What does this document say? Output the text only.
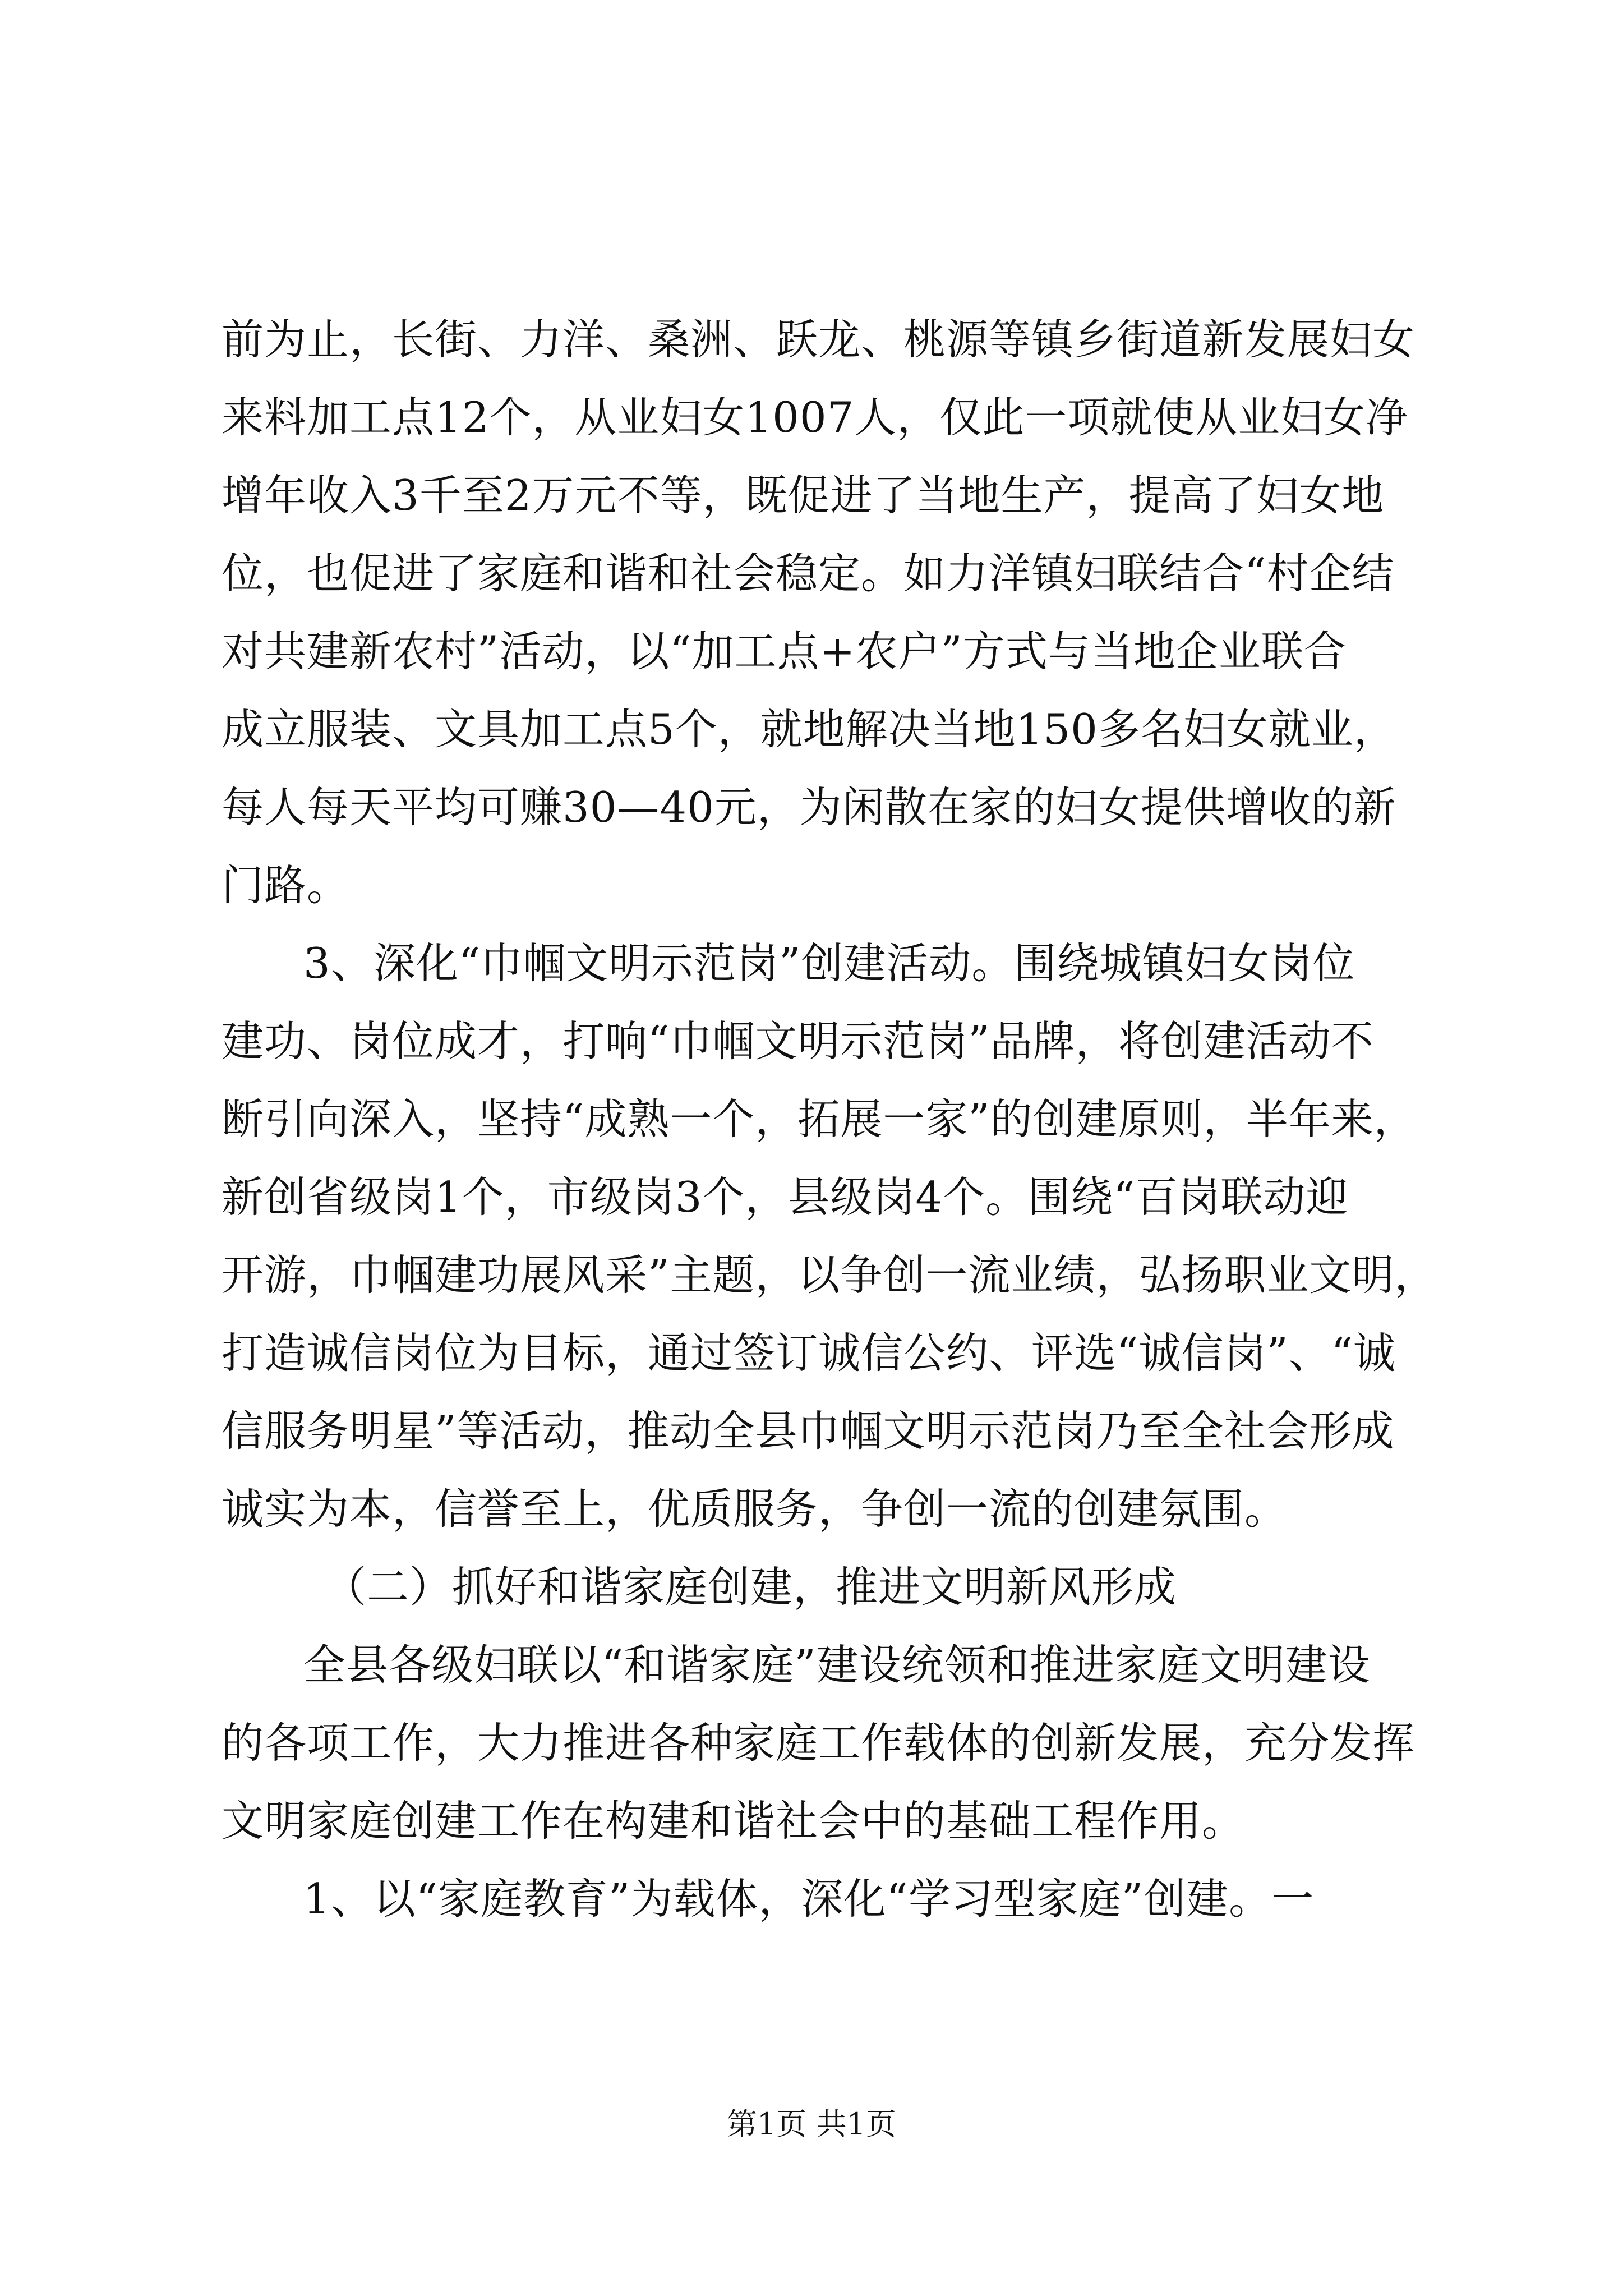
前为止，长街、力洋、桑洲、跃龙、桃源等镇乡街道新发展妇女
来料加工点12个，从业妇女1007人，仅此一项就使从业妇女净
增年收入3千至2万元不等，既促进了当地生产，提高了妇女地
位，也促进了家庭和谐和社会稳定。如力洋镇妇联结合“村企结
对共建新农村”活动，以“加工点+农户”方式与当地企业联合
成立服装、文具加工点5个，就地解决当地150多名妇女就业，
每人每天平均可赚30—40元，为闲散在家的妇女提供增收的新
门路。
3、深化“巾帼文明示范岗”创建活动。围绕城镇妇女岗位
建功、岗位成才，打响“巾帼文明示范岗”品牌，将创建活动不
断引向深入，坚持“成熟一个，拓展一家”的创建原则，半年来，
新创省级岗1个，市级岗3个，县级岗4个。围绕“百岗联动迎
开游，巾帼建功展风采”主题，以争创一流业绩，弘扬职业文明，
打造诚信岗位为目标，通过签订诚信公约、评选“诚信岗”、“诚
信服务明星”等活动，推动全县巾帼文明示范岗乃至全社会形成
诚实为本，信誉至上，优质服务，争创一流的创建氛围。
（二）抓好和谐家庭创建，推进文明新风形成
全县各级妇联以“和谐家庭”建设统领和推进家庭文明建设
的各项工作，大力推进各种家庭工作载体的创新发展，充分发挥
文明家庭创建工作在构建和谐社会中的基础工程作用。
1、以“家庭教育”为载体，深化“学习型家庭”创建。一
第1页 共1页
